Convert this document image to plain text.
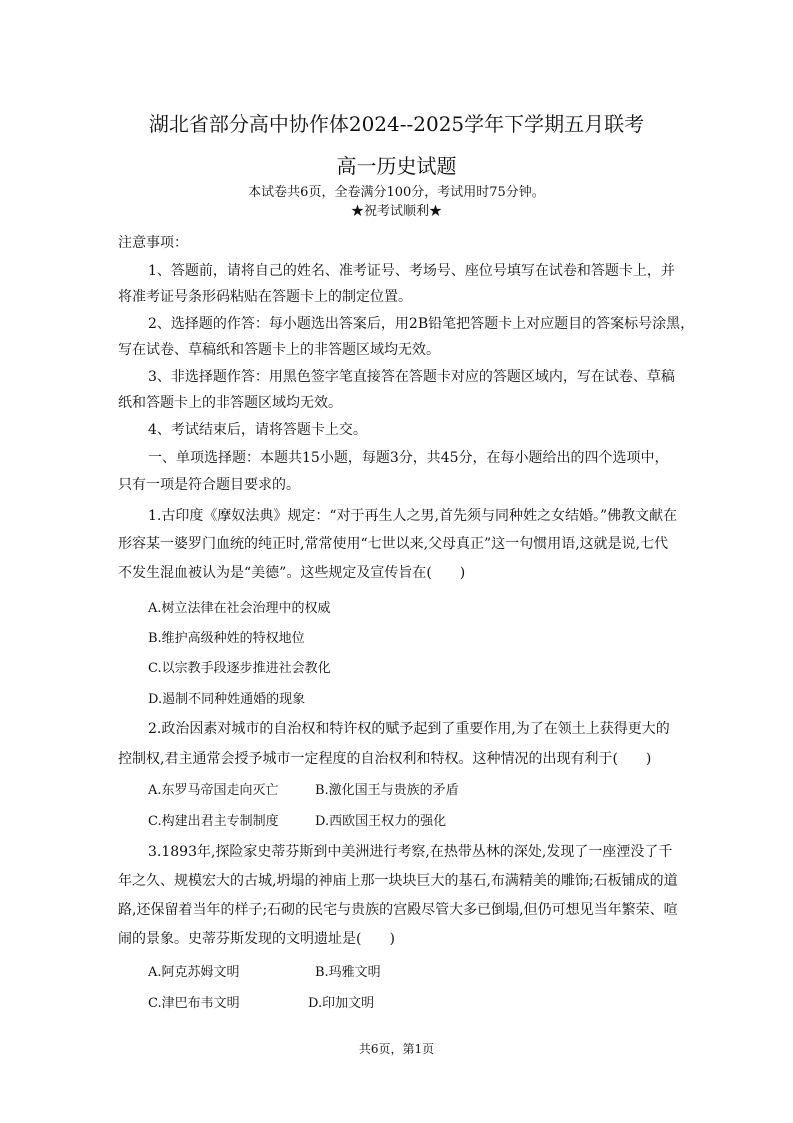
湖北省部分高中协作体2024--2025学年下学期五月联考
高一历史试题
本试卷共6页，全卷满分100分，考试用时75分钟。
★祝考试顺利★
注意事项：
1、答题前，请将自己的姓名、准考证号、考场号、座位号填写在试卷和答题卡上，并
将准考证号条形码粘贴在答题卡上的制定位置。
2、选择题的作答：每小题选出答案后，用2B铅笔把答题卡上对应题目的答案标号涂黑，
写在试卷、草稿纸和答题卡上的非答题区域均无效。
3、非选择题作答：用黑色签字笔直接答在答题卡对应的答题区域内，写在试卷、草稿
纸和答题卡上的非答题区域均无效。
4、考试结束后，请将答题卡上交。
一、单项选择题：本题共15小题，每题3分，共45分，在每小题给出的四个选项中，
只有一项是符合题目要求的。
1.古印度《摩奴法典》规定：“对于再生人之男,首先须与同种姓之女结婚。”佛教文献在
形容某一婆罗门血统的纯正时,常常使用“七世以来,父母真正”这一句惯用语,这就是说,七代
不发生混血被认为是“美德”。这些规定及宣传旨在(　　)
A.树立法律在社会治理中的权威
B.维护高级种姓的特权地位
C.以宗教手段逐步推进社会教化
D.遏制不同种姓通婚的现象
2.政治因素对城市的自治权和特许权的赋予起到了重要作用,为了在领土上获得更大的
控制权,君主通常会授予城市一定程度的自治权利和特权。这种情况的出现有利于(　　)
A.东罗马帝国走向灭亡	B.激化国王与贵族的矛盾
C.构建出君主专制制度	D.西欧国王权力的强化
3.1893年,探险家史蒂芬斯到中美洲进行考察,在热带丛林的深处,发现了一座湮没了千
年之久、规模宏大的古城,坍塌的神庙上那一块块巨大的基石,布满精美的雕饰;石板铺成的道
路,还保留着当年的样子;石砌的民宅与贵族的宫殿尽管大多已倒塌,但仍可想见当年繁荣、喧
闹的景象。史蒂芬斯发现的文明遗址是(　　)
A.阿克苏姆文明	B.玛雅文明
C.津巴布韦文明	D.印加文明
共6页，第1页
